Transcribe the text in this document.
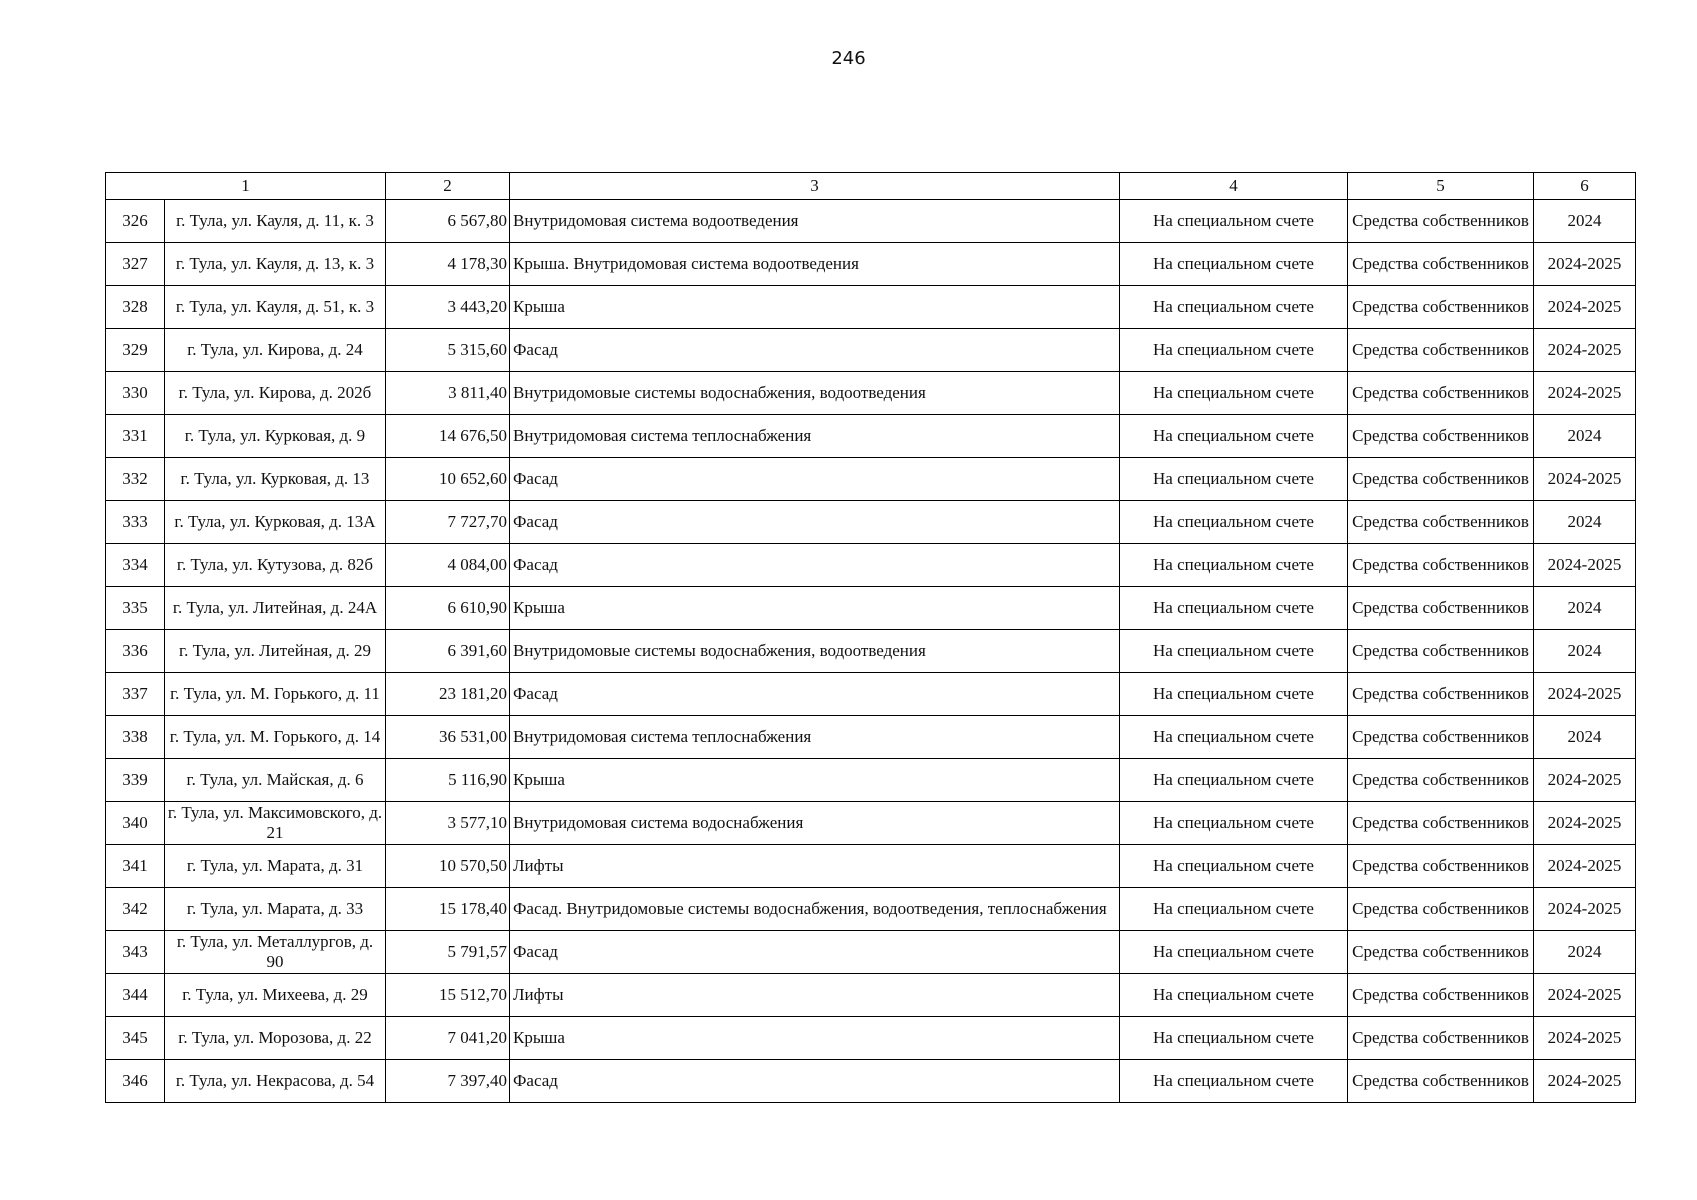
246
1		2	3	4	5	6
326	г. Тула, ул. Кауля, д. 11, к. 3	6 567,80	Внутридомовая система водоотведения	На специальном счете	Средства собственников	2024
327	г. Тула, ул. Кауля, д. 13, к. 3	4 178,30	Крыша. Внутридомовая система водоотведения	На специальном счете	Средства собственников	2024-2025
328	г. Тула, ул. Кауля, д. 51, к. 3	3 443,20	Крыша	На специальном счете	Средства собственников	2024-2025
329	г. Тула, ул. Кирова, д. 24	5 315,60	Фасад	На специальном счете	Средства собственников	2024-2025
330	г. Тула, ул. Кирова, д. 202б	3 811,40	Внутридомовые системы водоснабжения, водоотведения	На специальном счете	Средства собственников	2024-2025
331	г. Тула, ул. Курковая, д. 9	14 676,50	Внутридомовая система теплоснабжения	На специальном счете	Средства собственников	2024
332	г. Тула, ул. Курковая, д. 13	10 652,60	Фасад	На специальном счете	Средства собственников	2024-2025
333	г. Тула, ул. Курковая, д. 13А	7 727,70	Фасад	На специальном счете	Средства собственников	2024
334	г. Тула, ул. Кутузова, д. 82б	4 084,00	Фасад	На специальном счете	Средства собственников	2024-2025
335	г. Тула, ул. Литейная, д. 24А	6 610,90	Крыша	На специальном счете	Средства собственников	2024
336	г. Тула, ул. Литейная, д. 29	6 391,60	Внутридомовые системы водоснабжения, водоотведения	На специальном счете	Средства собственников	2024
337	г. Тула, ул. М. Горького, д. 11	23 181,20	Фасад	На специальном счете	Средства собственников	2024-2025
338	г. Тула, ул. М. Горького, д. 14	36 531,00	Внутридомовая система теплоснабжения	На специальном счете	Средства собственников	2024
339	г. Тула, ул. Майская, д. 6	5 116,90	Крыша	На специальном счете	Средства собственников	2024-2025
340	г. Тула, ул. Максимовского, д. 21	3 577,10	Внутридомовая система водоснабжения	На специальном счете	Средства собственников	2024-2025
341	г. Тула, ул. Марата, д. 31	10 570,50	Лифты	На специальном счете	Средства собственников	2024-2025
342	г. Тула, ул. Марата, д. 33	15 178,40	Фасад. Внутридомовые системы водоснабжения, водоотведения, теплоснабжения	На специальном счете	Средства собственников	2024-2025
343	г. Тула, ул. Металлургов, д. 90	5 791,57	Фасад	На специальном счете	Средства собственников	2024
344	г. Тула, ул. Михеева, д. 29	15 512,70	Лифты	На специальном счете	Средства собственников	2024-2025
345	г. Тула, ул. Морозова, д. 22	7 041,20	Крыша	На специальном счете	Средства собственников	2024-2025
346	г. Тула, ул. Некрасова, д. 54	7 397,40	Фасад	На специальном счете	Средства собственников	2024-2025
